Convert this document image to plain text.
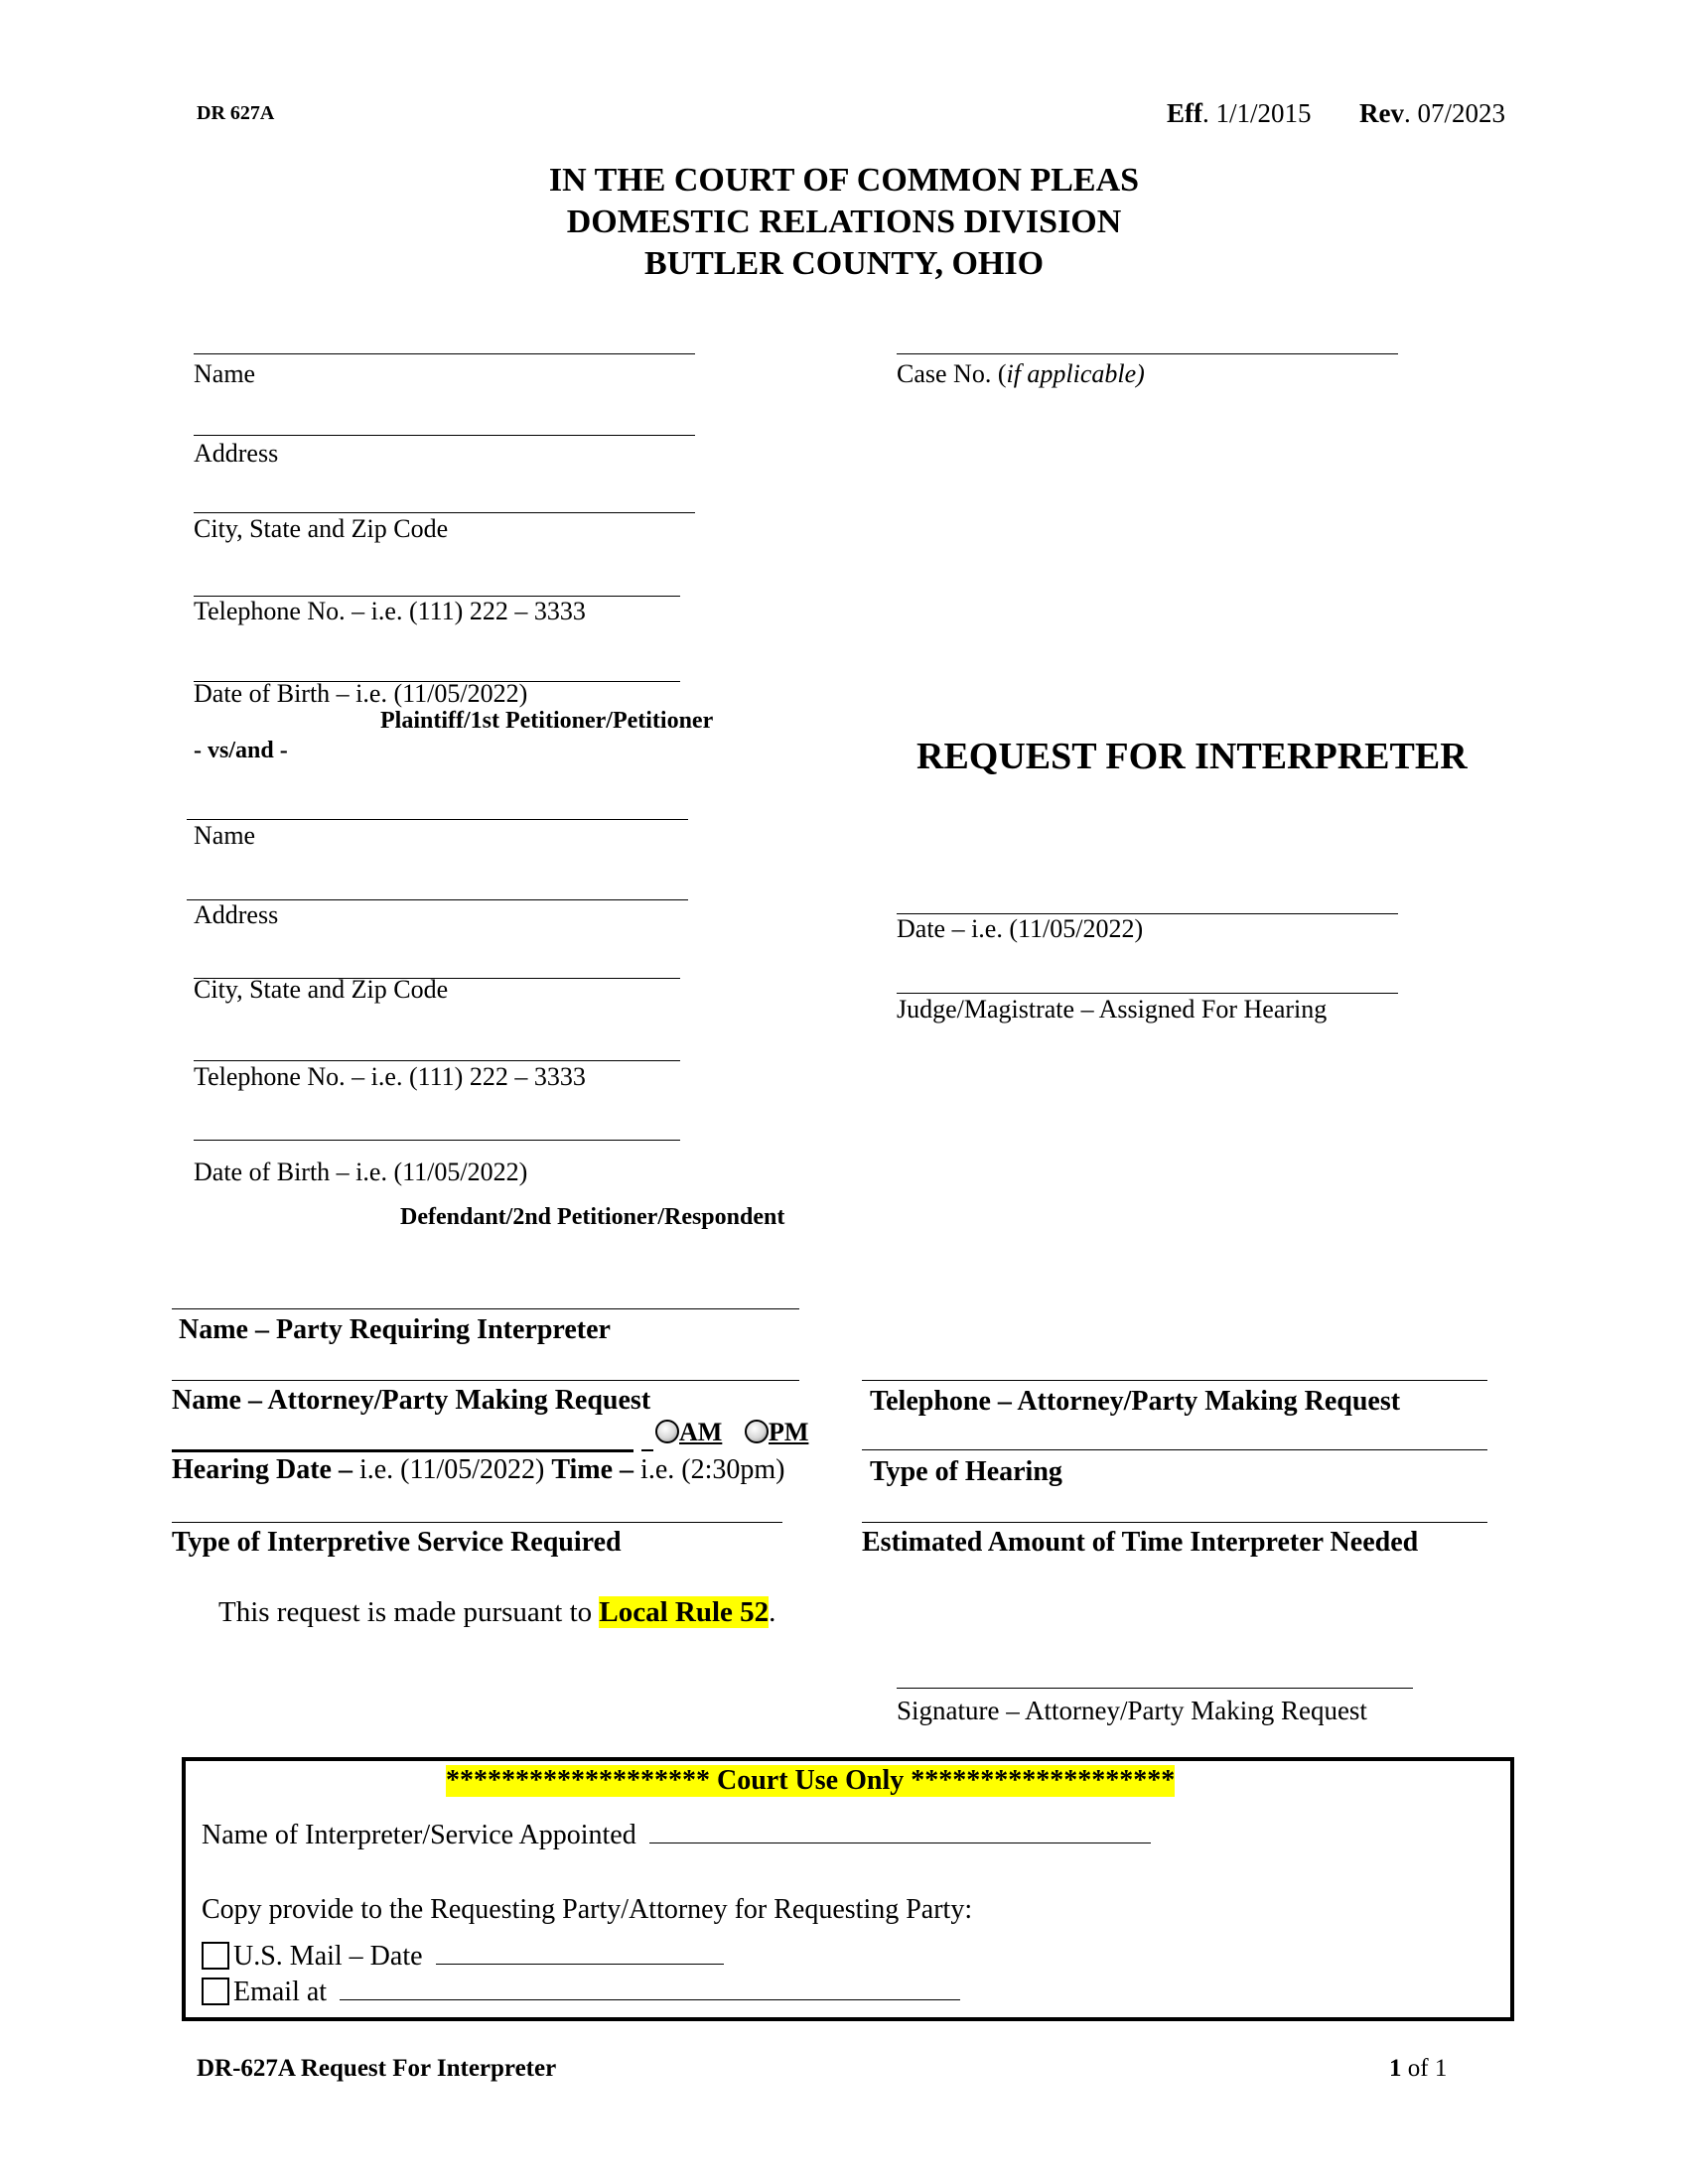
DR 627A	Eff. 1/1/2015 Rev. 07/2023
IN THE COURT OF COMMON PLEAS
DOMESTIC RELATIONS DIVISION
BUTLER COUNTY, OHIO
Name
Address
City, State and Zip Code
Telephone No. – i.e. (111) 222 – 3333
Date of Birth – i.e. (11/05/2022)
Plaintiff/1st Petitioner/Petitioner
- vs/and -
Name
Address
City, State and Zip Code
Telephone No. – i.e. (111) 222 – 3333
Date of Birth – i.e. (11/05/2022)
Defendant/2nd Petitioner/Respondent
Case No. (if applicable)
REQUEST FOR INTERPRETER
Date – i.e. (11/05/2022)
Judge/Magistrate – Assigned For Hearing
Name – Party Requiring Interpreter
Name – Attorney/Party Making Request	Telephone – Attorney/Party Making Request
AM	PM
Hearing Date – i.e. (11/05/2022) Time – i.e. (2:30pm)	Type of Hearing
Type of Interpretive Service Required	Estimated Amount of Time Interpreter Needed
This request is made pursuant to Local Rule 52.
Signature – Attorney/Party Making Request
******************* Court Use Only *******************
Name of Interpreter/Service Appointed
Copy provide to the Requesting Party/Attorney for Requesting Party:
U.S. Mail – Date
Email at
DR-627A Request For Interpreter	1 of 1
